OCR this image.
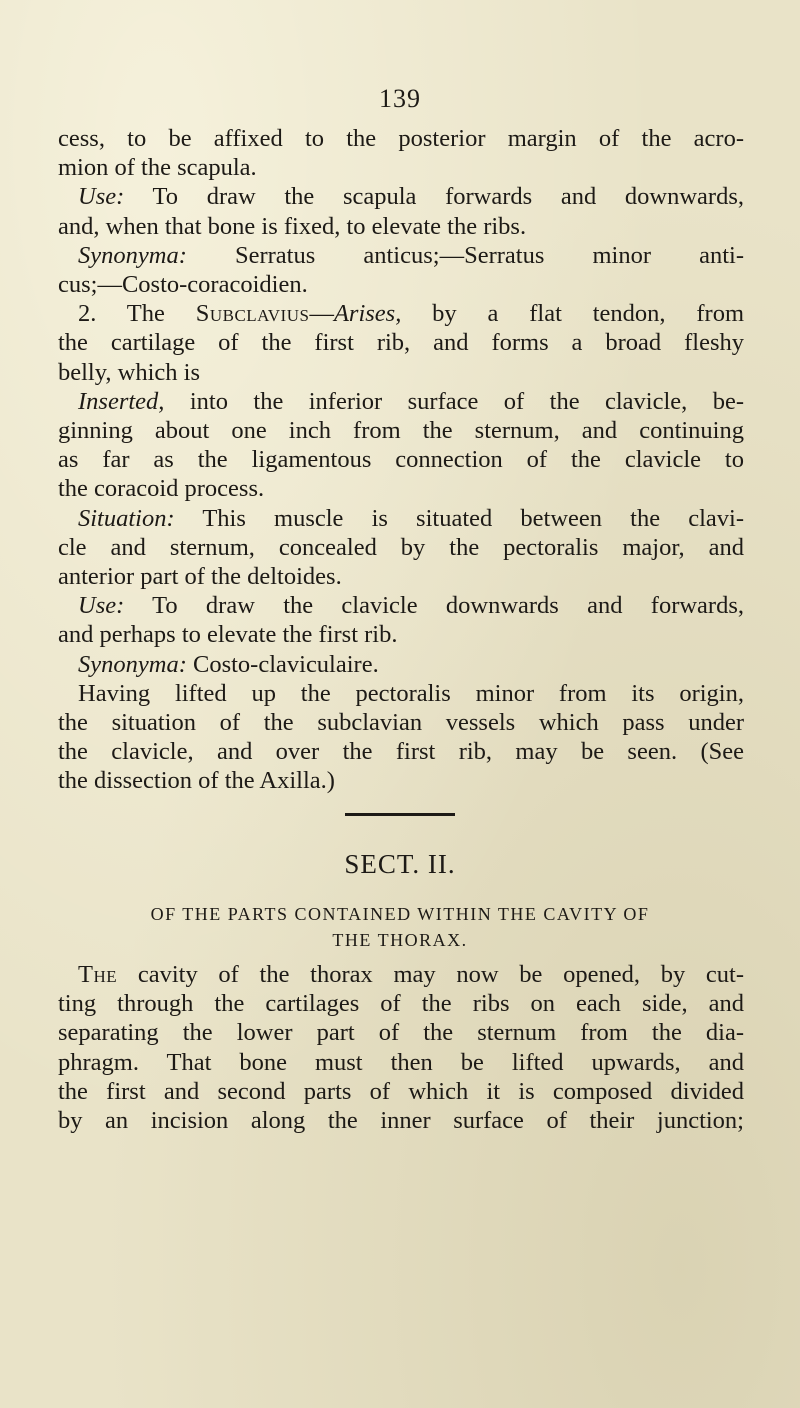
139
cess, to be affixed to the posterior margin of the acro-
mion of the scapula.
Use: To draw the scapula forwards and downwards,
and, when that bone is fixed, to elevate the ribs.
Synonyma: Serratus anticus;—Serratus minor anti-
cus;—Costo-coracoidien.
2. The Subclavius—Arises, by a flat tendon, from
the cartilage of the first rib, and forms a broad fleshy
belly, which is
Inserted, into the inferior surface of the clavicle, be-
ginning about one inch from the sternum, and continuing
as far as the ligamentous connection of the clavicle to
the coracoid process.
Situation: This muscle is situated between the clavi-
cle and sternum, concealed by the pectoralis major, and
anterior part of the deltoides.
Use: To draw the clavicle downwards and forwards,
and perhaps to elevate the first rib.
Synonyma: Costo-claviculaire.
Having lifted up the pectoralis minor from its origin,
the situation of the subclavian vessels which pass under
the clavicle, and over the first rib, may be seen. (See
the dissection of the Axilla.)
SECT. II.
OF THE PARTS CONTAINED WITHIN THE CAVITY OF
THE THORAX.
The cavity of the thorax may now be opened, by cut-
ting through the cartilages of the ribs on each side, and
separating the lower part of the sternum from the dia-
phragm. That bone must then be lifted upwards, and
the first and second parts of which it is composed divided
by an incision along the inner surface of their junction;
